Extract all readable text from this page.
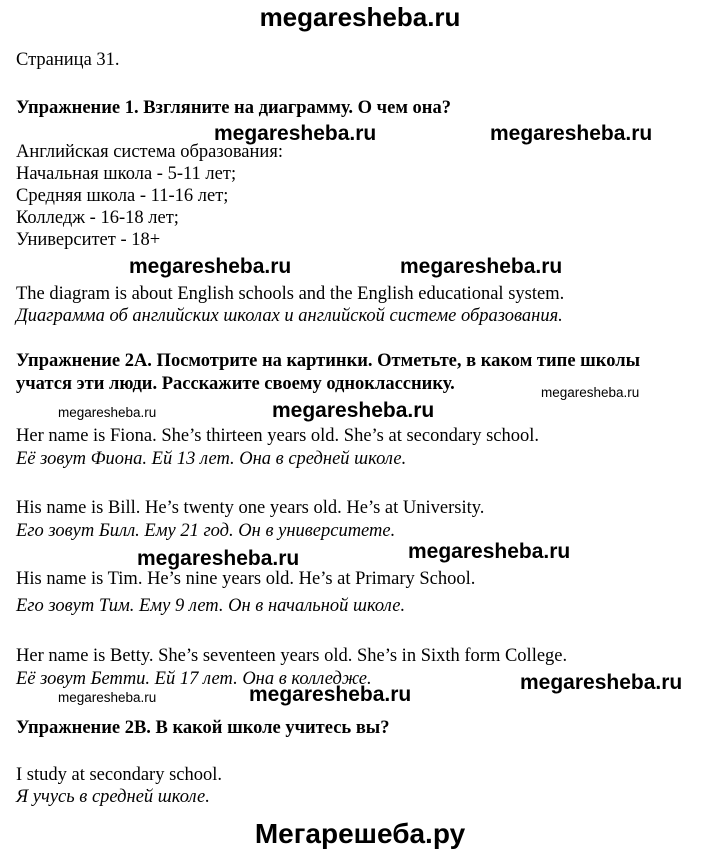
megaresheba.ru
Страница 31.
Упражнение 1. Взгляните на диаграмму. О чем она?
megaresheba.ru	megaresheba.ru
Английская система образования:
Начальная школа - 5-11 лет;
Средняя школа - 11-16 лет;
Колледж - 16-18 лет;
Университет - 18+
megaresheba.ru	megaresheba.ru
The diagram is about English schools and the English educational system.
Диаграмма об английских школах и английской системе образования.
Упражнение 2А. Посмотрите на картинки. Отметьте, в каком типе школы
учатся эти люди. Расскажите своему однокласснику.	megaresheba.ru
megaresheba.ru	megaresheba.ru
Her name is Fiona. She’s thirteen years old. She’s at secondary school.
Её зовут Фиона. Ей 13 лет. Она в средней школе.
His name is Bill. He’s twenty one years old. He’s at University.
Его зовут Билл. Ему 21 год. Он в университете.
megaresheba.ru	megaresheba.ru
His name is Tim. He’s nine years old. He’s at Primary School.
Его зовут Тим. Ему 9 лет. Он в начальной школе.
Her name is Betty. She’s seventeen years old. She’s in Sixth form College.
Её зовут Бетти. Ей 17 лет. Она в колледже.
megaresheba.ru	megaresheba.ru
megaresheba.ru
Упражнение 2B. В какой школе учитесь вы?
I study at secondary school.
Я учусь в средней школе.
Мегарешеба.ру
